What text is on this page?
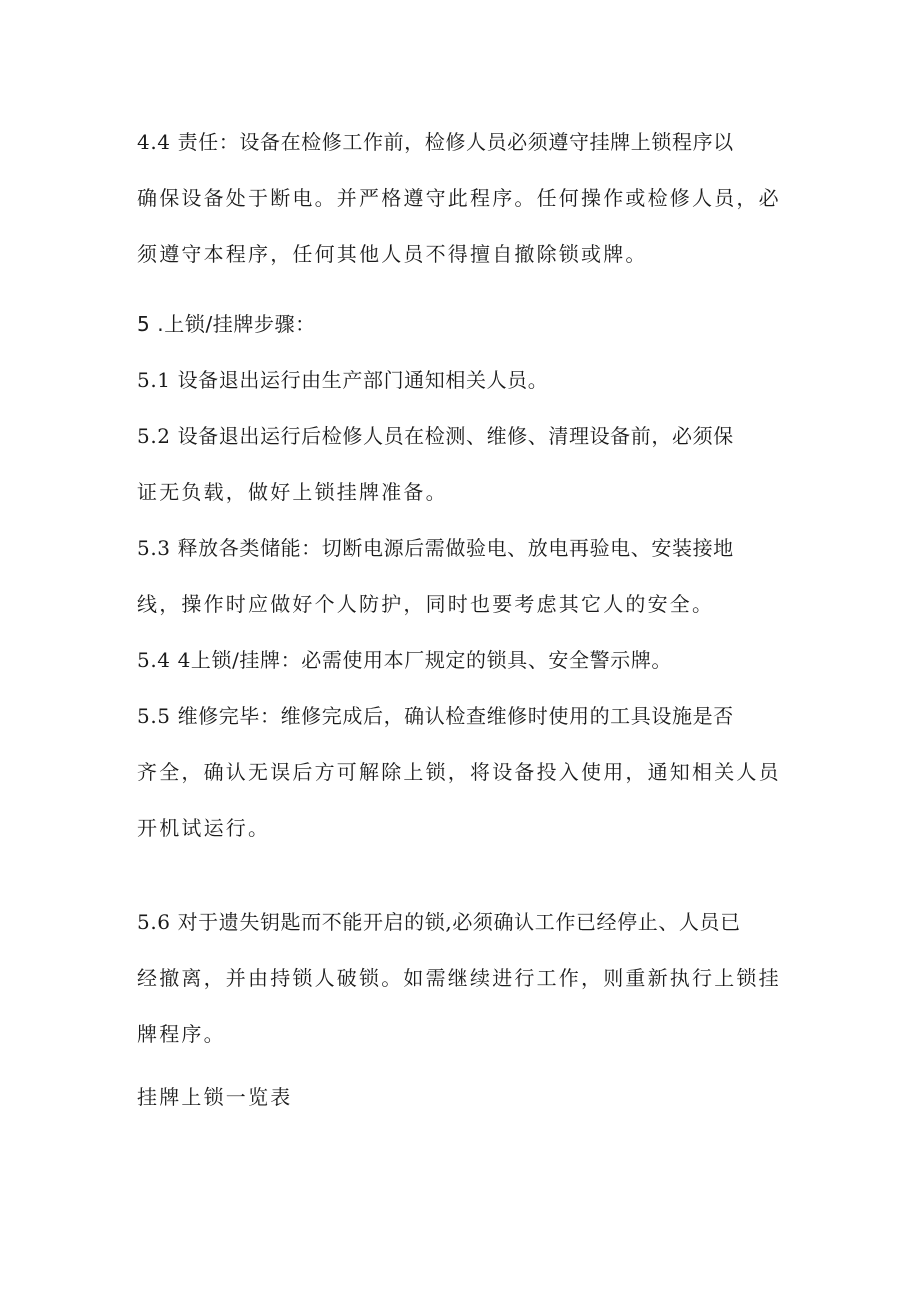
4.4 责任：设备在检修工作前，检修人员必须遵守挂牌上锁程序以
确保设备处于断电。并严格遵守此程序。任何操作或检修人员，必
须遵守本程序，任何其他人员不得擅自撤除锁或牌。
5 .上锁/挂牌步骤：
5.1 设备退出运行由生产部门通知相关人员。
5.2 设备退出运行后检修人员在检测、维修、清理设备前，必须保
证无负载，做好上锁挂牌准备。
5.3 释放各类储能：切断电源后需做验电、放电再验电、安装接地
线，操作时应做好个人防护，同时也要考虑其它人的安全。
5.4 4上锁/挂牌：必需使用本厂规定的锁具、安全警示牌。
5.5 维修完毕：维修完成后，确认检查维修时使用的工具设施是否
齐全，确认无误后方可解除上锁，将设备投入使用，通知相关人员
开机试运行。
5.6 对于遗失钥匙而不能开启的锁,必须确认工作已经停止、人员已
经撤离，并由持锁人破锁。如需继续进行工作，则重新执行上锁挂
牌程序。
挂牌上锁一览表
